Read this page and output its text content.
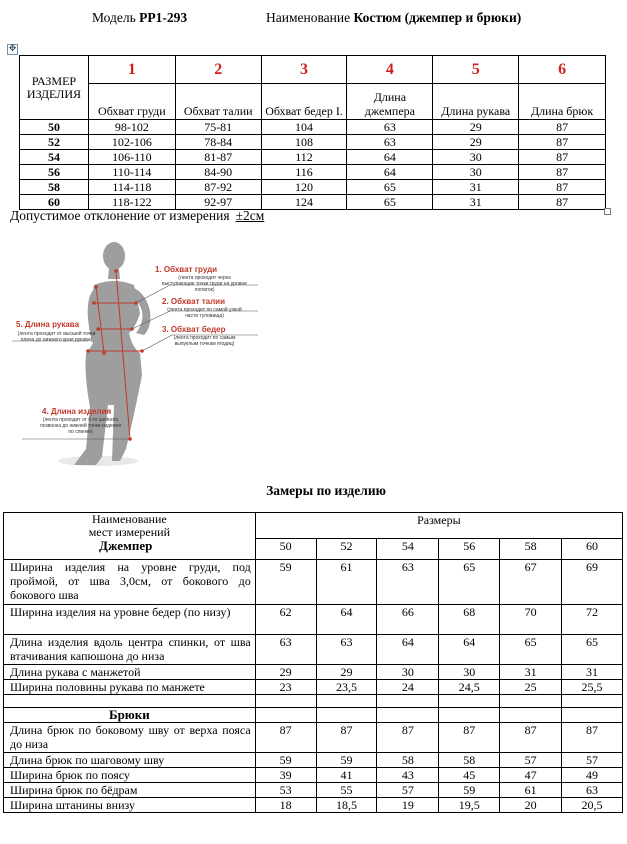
Модель PP1-293	Наименование Костюм (джемпер и брюки)
✥
РАЗМЕР ИЗДЕЛИЯ	1	2	3	4	5	6
	Обхват груди	Обхват талии	Обхват бедер I.	Длина джемпера	Длина рукава	Длина брюк
50	98-102	75-81	104	63	29	87
52	102-106	78-84	108	63	29	87
54	106-110	81-87	112	64	30	87
56	110-114	84-90	116	64	30	87
58	114-118	87-92	120	65	31	87
60	118-122	92-97	124	65	31	87
Допустимое отклонение от измерения ±2см
1. Обхват груди
(лента проходит через выступающие точки груди на уровне лопаток)
2. Обхват талии
(лента проходит по самой узкой части туловища)
3. Обхват бедер
(лента проходит по самым выпуклым точкам ягодиц)
5. Длина рукава
(лента проходит от высшей точки плеча до нижнего края рукава)
4. Длина изделия
(лента проходит от 6-го шейного позвонка до нижней точки изделия по спинке)
Замеры по изделию
Наименование
мест измерений
Джемпер	Размеры					
	50	52	54	56	58	60
Ширина изделия на уровне груди, под проймой, от шва 3,0см, от бокового до бокового шва	59	61	63	65	67	69
Ширина изделия на уровне бедер (по низу)	62	64	66	68	70	72
Длина изделия вдоль центра спинки, от шва втачивания капюшона до низа	63	63	64	64	65	65
Длина рукава с манжетой	29	29	30	30	31	31
Ширина половины рукава по манжете	23	23,5	24	24,5	25	25,5

Брюки						
Длина брюк по боковому шву от верха пояса до низа	87	87	87	87	87	87
Длина брюк по шаговому шву	59	59	58	58	57	57
Ширина брюк по поясу	39	41	43	45	47	49
Ширина брюк по бёдрам	53	55	57	59	61	63
Ширина штанины внизу	18	18,5	19	19,5	20	20,5
